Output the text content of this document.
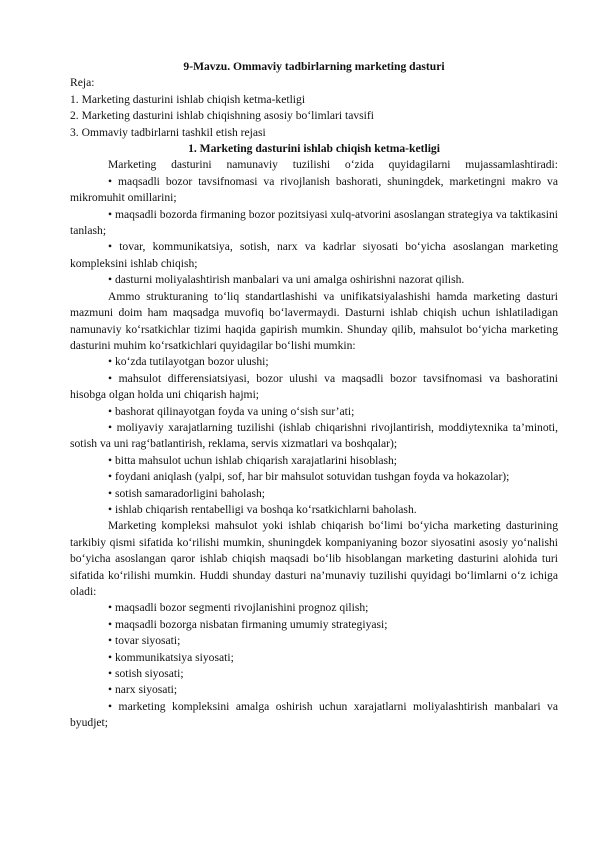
9-Mavzu. Ommaviy tadbirlarning marketing dasturi

Reja:

1. Marketing dasturini ishlab chiqish ketma-ketligi

2. Marketing dasturini ishlab chiqishning asosiy bo‘limlari tavsifi

3. Ommaviy tadbirlarni tashkil etish rejasi

1. Marketing dasturini ishlab chiqish ketma-ketligi

Marketing dasturini namunaviy tuzilishi o‘zida quyidagilarni mujassamlashtiradi:

• maqsadli bozor tavsifnomasi va rivojlanish bashorati, shuningdek, marketingni makro va mikromuhit omillarini;

• maqsadli bozorda firmaning bozor pozitsiyasi xulq-atvorini asoslangan strategiya va taktikasini tanlash;

• tovar, kommunikatsiya, sotish, narx va kadrlar siyosati bo‘yicha asoslangan marketing kompleksini ishlab chiqish;

• dasturni moliyalashtirish manbalari va uni amalga oshirishni nazorat qilish.

Ammo strukturaning to‘liq standartlashishi va unifikatsiyalashishi hamda marketing dasturi mazmuni doim ham maqsadga muvofiq bo‘lavermaydi. Dasturni ishlab chiqish uchun ishlatiladigan namunaviy ko‘rsatkichlar tizimi haqida gapirish mumkin. Shunday qilib, mahsulot bo‘yicha marketing dasturini muhim ko‘rsatkichlari quyidagilar bo‘lishi mumkin:

• ko‘zda tutilayotgan bozor ulushi;

• mahsulot differensiatsiyasi, bozor ulushi va maqsadli bozor tavsifnomasi va bashoratini hisobga olgan holda uni chiqarish hajmi;

• bashorat qilinayotgan foyda va uning o‘sish sur’ati;

• moliyaviy xarajatlarning tuzilishi (ishlab chiqarishni rivojlantirish, moddiytexnika ta’minoti, sotish va uni rag‘batlantirish, reklama, servis xizmatlari va boshqalar);

• bitta mahsulot uchun ishlab chiqarish xarajatlarini hisoblash;

• foydani aniqlash (yalpi, sof, har bir mahsulot sotuvidan tushgan foyda va hokazolar);

• sotish samaradorligini baholash;

• ishlab chiqarish rentabelligi va boshqa ko‘rsatkichlarni baholash.

Marketing kompleksi mahsulot yoki ishlab chiqarish bo‘limi bo‘yicha marketing dasturining tarkibiy qismi sifatida ko‘rilishi mumkin, shuningdek kompaniyaning bozor siyosatini asosiy yo‘nalishi bo‘yicha asoslangan qaror ishlab chiqish maqsadi bo‘lib hisoblangan marketing dasturini alohida turi sifatida ko‘rilishi mumkin. Huddi shunday dasturi na’munaviy tuzilishi quyidagi bo‘limlarni o‘z ichiga oladi:

• maqsadli bozor segmenti rivojlanishini prognoz qilish;

• maqsadli bozorga nisbatan firmaning umumiy strategiyasi;

• tovar siyosati;

• kommunikatsiya siyosati;

• sotish siyosati;

• narx siyosati;

• marketing kompleksini amalga oshirish uchun xarajatlarni moliyalashtirish manbalari va byudjet;
